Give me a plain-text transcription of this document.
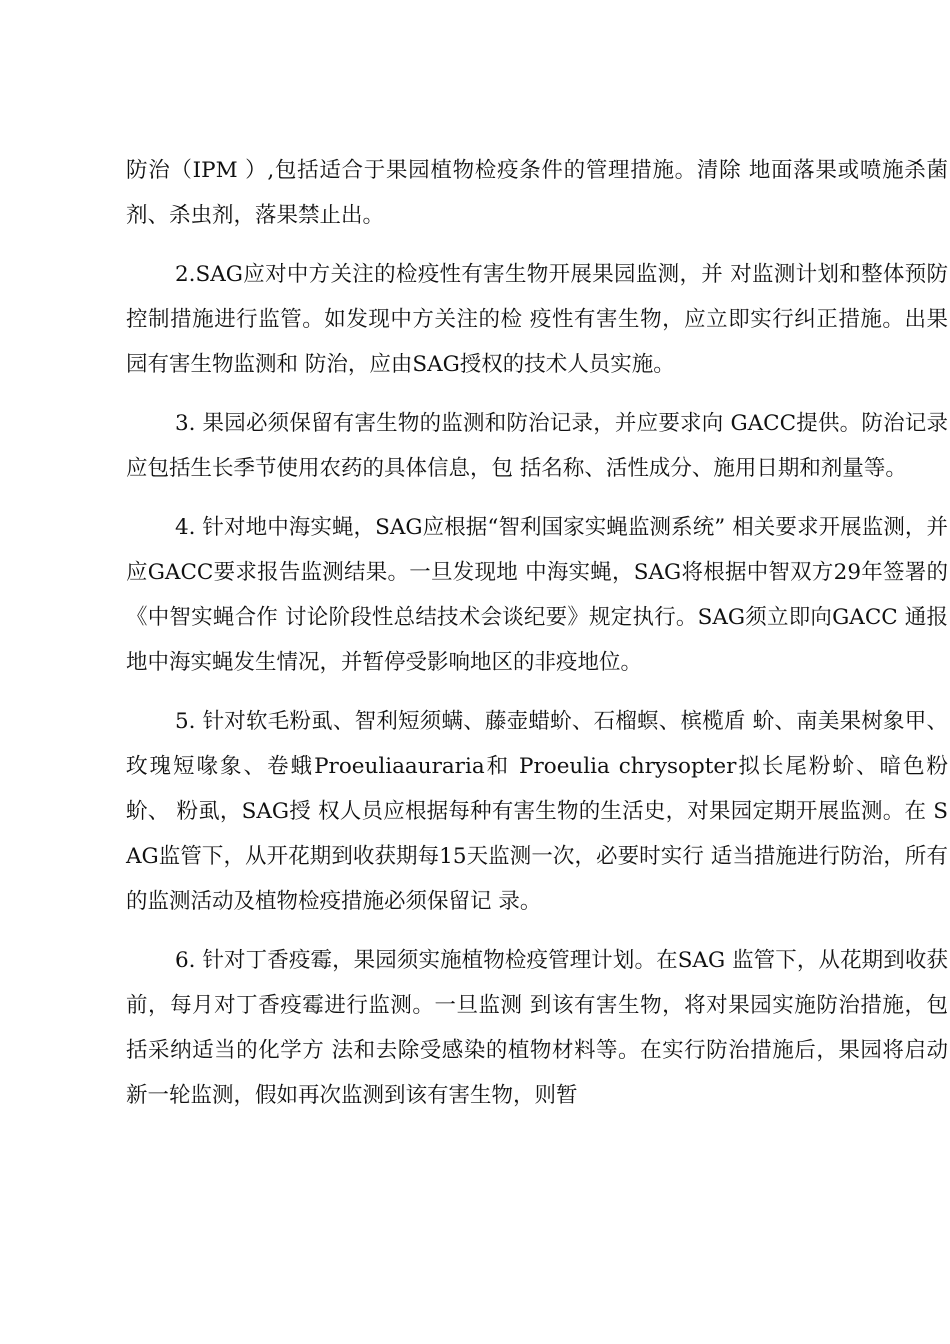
防治（IPM ）,包括适合于果园植物检疫条件的管理措施。清除 地面落果或喷施杀菌剂、杀虫剂，落果禁止出。

2.SAG应对中方关注的检疫性有害生物开展果园监测，并 对监测计划和整体预防控制措施进行监管。如发现中方关注的检 疫性有害生物，应立即实行纠正措施。出果园有害生物监测和 防治，应由SAG授权的技术人员实施。

3. 果园必须保留有害生物的监测和防治记录，并应要求向 GACC提供。防治记录应包括生长季节使用农药的具体信息，包 括名称、活性成分、施用日期和剂量等。

4. 针对地中海实蝇，SAG应根据“智利国家实蝇监测系统” 相关要求开展监测，并应GACC要求报告监测结果。一旦发现地 中海实蝇，SAG将根据中智双方29年签署的《中智实蝇合作 讨论阶段性总结技术会谈纪要》规定执行。SAG须立即向GACC 通报地中海实蝇发生情况，并暂停受影响地区的非疫地位。

5. 针对软毛粉虱、智利短须螨、藤壶蜡蚧、石榴螟、槟榄盾 蚧、南美果树象甲、玫瑰短喙象、卷蛾Proeuliaauraria和 Proeulia chrysopter拟长尾粉蚧、暗色粉蚧、 粉虱，SAG授 权人员应根据每种有害生物的生活史，对果园定期开展监测。在 SAG监管下，从开花期到收获期每15天监测一次，必要时实行 适当措施进行防治，所有的监测活动及植物检疫措施必须保留记 录。

6. 针对丁香疫霉，果园须实施植物检疫管理计划。在SAG 监管下，从花期到收获前，每月对丁香疫霉进行监测。一旦监测 到该有害生物，将对果园实施防治措施，包括采纳适当的化学方 法和去除受感染的植物材料等。在实行防治措施后，果园将启动 新一轮监测，假如再次监测到该有害生物，则暂
